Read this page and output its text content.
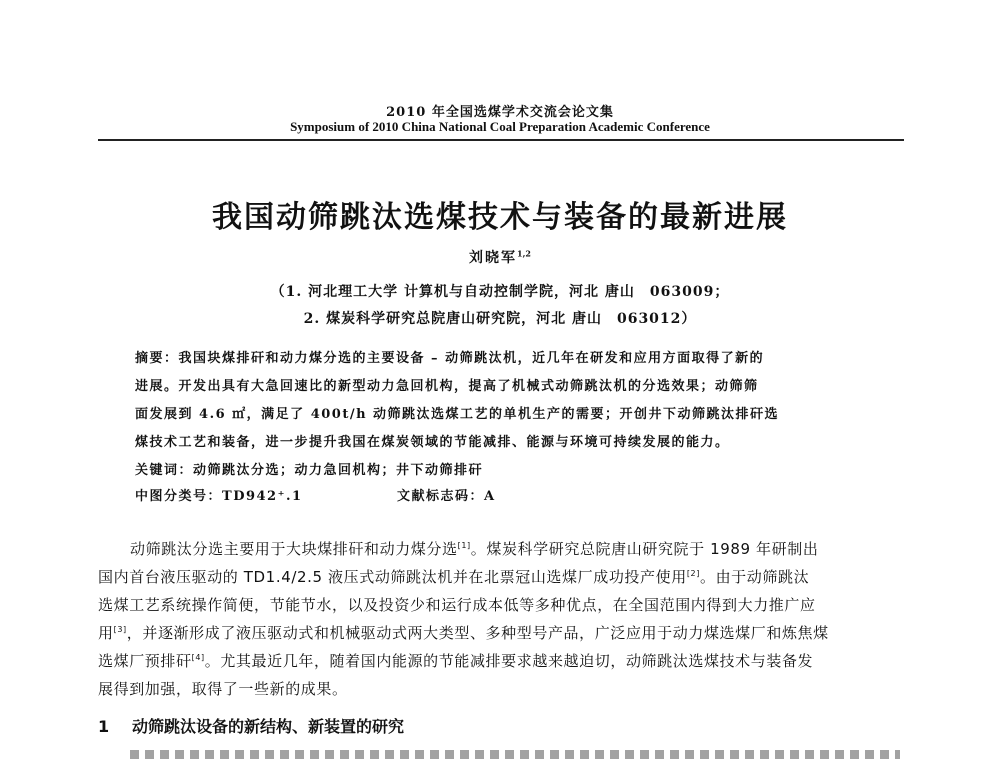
2010 年全国选煤学术交流会论文集
Symposium of 2010 China National Coal Preparation Academic Conference
我国动筛跳汰选煤技术与装备的最新进展
刘晓军$^{1,2}$
（1. 河北理工大学 计算机与自动控制学院，河北 唐山　063009；
2. 煤炭科学研究总院唐山研究院，河北 唐山　063012）
摘要：我国块煤排矸和动力煤分选的主要设备 – 动筛跳汰机，近几年在研发和应用方面取得了新的
进展。开发出具有大急回速比的新型动力急回机构，提高了机械式动筛跳汰机的分选效果；动筛筛
面发展到 4.6 ㎡，满足了 400t/h 动筛跳汰选煤工艺的单机生产的需要；开创井下动筛跳汰排矸选
煤技术工艺和装备，进一步提升我国在煤炭领域的节能减排、能源与环境可持续发展的能力。
关键词：动筛跳汰分选；动力急回机构；井下动筛排矸
中图分类号：TD942⁺.1	文献标志码：A
动筛跳汰分选主要用于大块煤排矸和动力煤分选[1]。煤炭科学研究总院唐山研究院于 1989 年研制出
国内首台液压驱动的 TD1.4/2.5 液压式动筛跳汰机并在北票冠山选煤厂成功投产使用[2]。由于动筛跳汰
选煤工艺系统操作简便，节能节水，以及投资少和运行成本低等多种优点，在全国范围内得到大力推广应
用[3]，并逐渐形成了液压驱动式和机械驱动式两大类型、多种型号产品，广泛应用于动力煤选煤厂和炼焦煤
选煤厂预排矸[4]。尤其最近几年，随着国内能源的节能减排要求越来越迫切，动筛跳汰选煤技术与装备发
展得到加强，取得了一些新的成果。
1 动筛跳汰设备的新结构、新装置的研究
